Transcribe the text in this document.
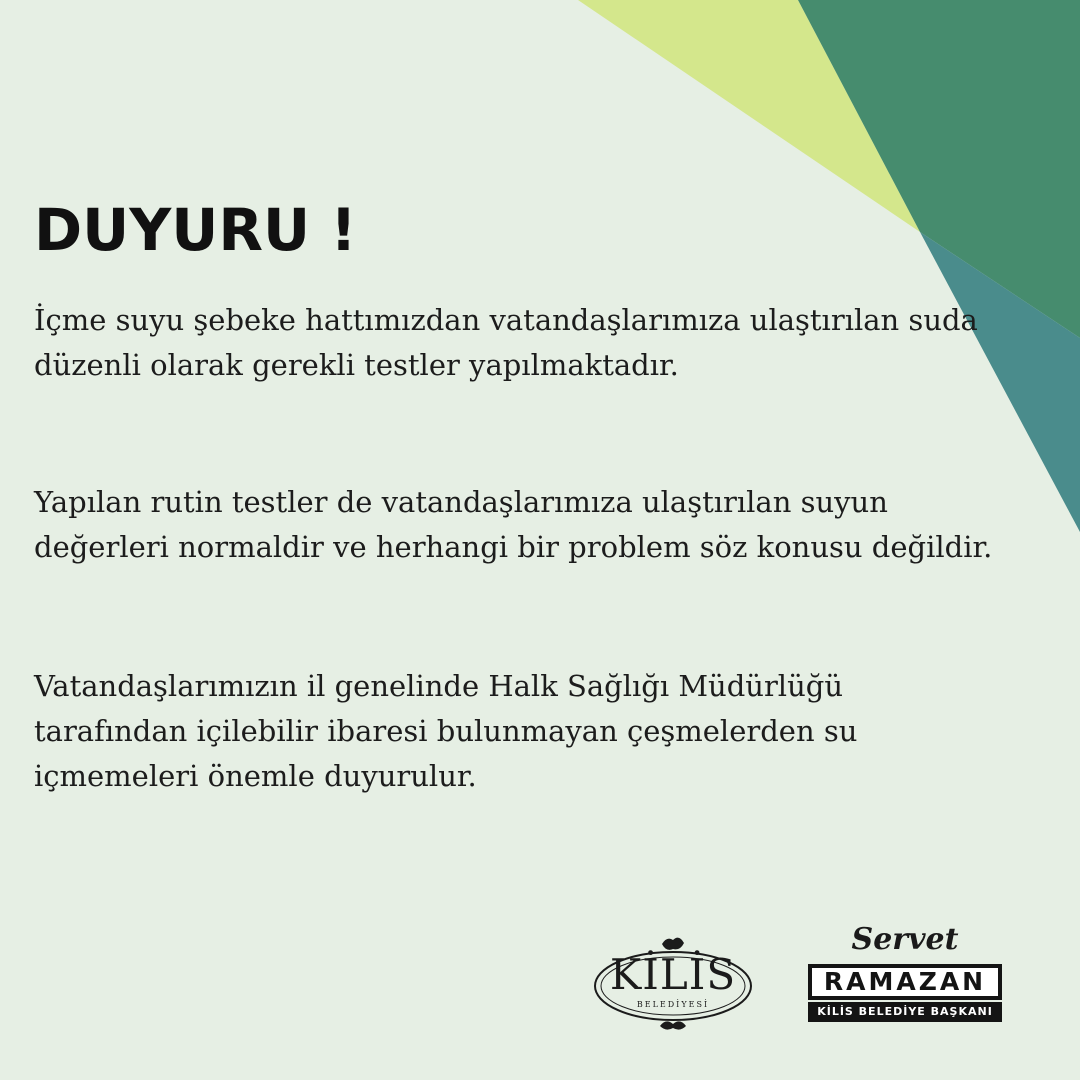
DUYURU !

İçme suyu şebeke hattımızdan vatandaşlarımıza ulaştırılan suda düzenli olarak gerekli testler yapılmaktadır.

Yapılan rutin testler de vatandaşlarımıza ulaştırılan suyun değerleri normaldir ve herhangi bir problem söz konusu değildir.

Vatandaşlarımızın il genelinde Halk Sağlığı Müdürlüğü tarafından içilebilir ibaresi bulunmayan çeşmelerden su içmemeleri önemle duyurulur.

KİLİS
BELEDİYESİ
Servet
RAMAZAN
KİLİS BELEDİYE BAŞKANI
